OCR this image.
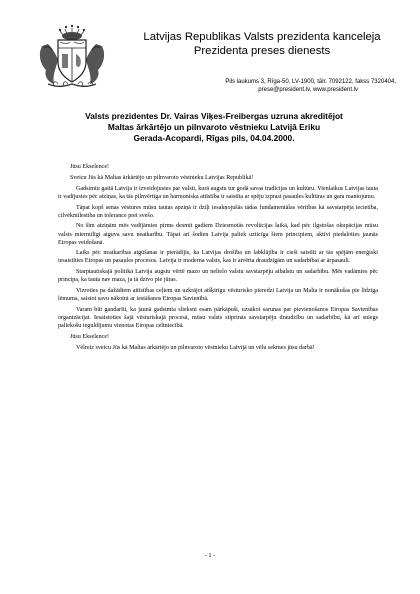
Latvijas Republikas Valsts prezidenta kanceleja
Prezidenta preses dienests
Pils laukums 3, Rīga-50, LV-1900, tālr. 7092122, fakss 7320404,
prese@president.lv, www.president.lv
Valsts prezidentes Dr. Vairas Viķes-Freibergas uzruna akreditējot
Maltas ārkārtējo un pilnvaroto vēstnieku Latvijā Eriku
Gerada-Acopardi, Rīgas pils, 04.04.2000.

Jūsu Ekselence!

Sveicu Jūs kā Maltas ārkārtējo un pilnvaroto vēstnieku Latvijas Republikā!

Gadsimtu gaitā Latvija ir izveidojusies par valsti, kurā augstu tur godā savas tradīcijas un kultūru. Vienlaikus Latvijas tauta ir vadījusies pēc atziņas, ka tās pilnvērtīga un harmoniska attīstība ir saistīta ar spēju izprast pasaules kultūras un gara mantojumu.

Tāpat kopš senas vēstures mūsu tautas apziņā ir dziļi iesakņojušās tādas fundamentālas vērtības kā savstarpēja iecietība, cilvēkmīlestība un tolerance pret svešo.

No šīm atziņām mēs vadījāmies pirms desmit gadiem Dziesmotās revolūcijas laikā, kad pēc ilgstošas okupācijas mūsu valsts miermīlīgi atguva savu neatkarību. Tāpat arī šodien Latvija paliek uzticīga šiem principiem, aktīvi piedaloties jaunās Eiropas veidošanā.

Laiks pēc neatkarības atgūšanas ir pierādījis, ka Latvijas drošība un labklājība ir cieši saistīti ar tās spējām enerģiski iesaistīties Eiropas un pasaules procesos. Latvija ir moderna valsts, kas ir atvērta draudzīgām un sadarbībai ar ārpasauli.

Starptautiskajā politikā Latvija augstu vērtē mazo un nelielo valstu savstarpēju atbalstu un sadarbību. Mēs vadāmies pēc principa, ka tauta nav maza, ja tā dzīvo pie jūras.

Vizroties pa dažādiem attīstības ceļiem un uzkrājot atšķirīgu vēsturisko pieredzi Latvija un Malta ir nonākušas pie līdzīga lēmuma, saistot savu nākotni ar iestāšanos Eiropas Savienībā.

Varam būt gandarīti, ka jaunā gadsimta slieksni esam pārkāpuši, uzsākot sarunas par pievienošanos Eiropas Savienības organizācijai. Iesaistoties šajā vēsturiskajā procesā, mūsu valsts stiprinās savstarpēju draudzību un sadarbību, kā arī sniegs paliekošu ieguldījumu vienotas Eiropas celtniecībā.

Jūsu Ekselence!

Vēlreiz sveicu Jūs kā Maltas ārkārtējo un pilnvaroto vēstnieku Latvijā un vēlu sekmes jūsu darbā!

- 1 -
